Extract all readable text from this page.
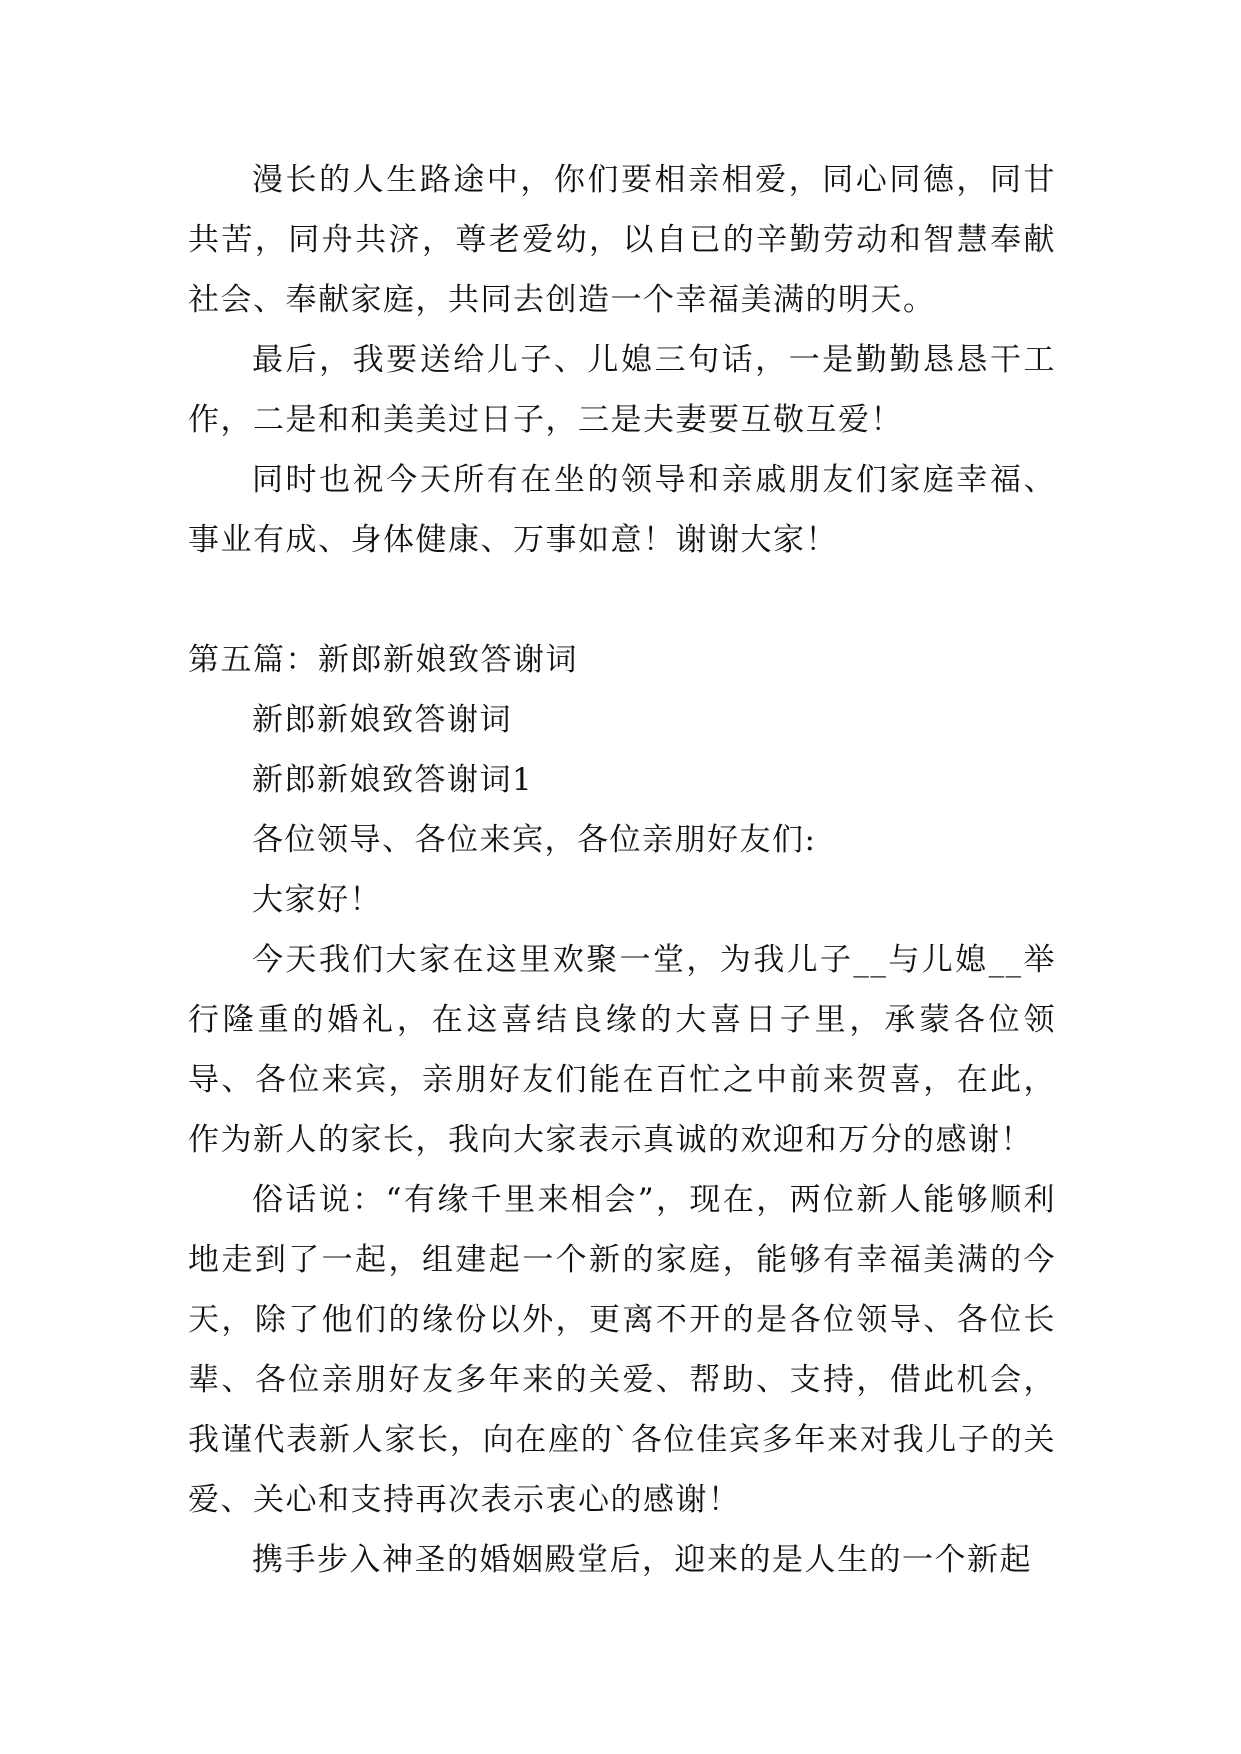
漫长的人生路途中，你们要相亲相爱，同心同德，同甘共苦，同舟共济，尊老爱幼，以自已的辛勤劳动和智慧奉献社会、奉献家庭，共同去创造一个幸福美满的明天。

最后，我要送给儿子、儿媳三句话，一是勤勤恳恳干工作，二是和和美美过日子，三是夫妻要互敬互爱！

同时也祝今天所有在坐的领导和亲戚朋友们家庭幸福、事业有成、身体健康、万事如意！谢谢大家！

第五篇：新郎新娘致答谢词

新郎新娘致答谢词

新郎新娘致答谢词1

各位领导、各位来宾，各位亲朋好友们:

大家好！

今天我们大家在这里欢聚一堂，为我儿子__与儿媳__举行隆重的婚礼，在这喜结良缘的大喜日子里，承蒙各位领导、各位来宾，亲朋好友们能在百忙之中前来贺喜，在此，作为新人的家长，我向大家表示真诚的欢迎和万分的感谢！

俗话说：“有缘千里来相会”，现在，两位新人能够顺利地走到了一起，组建起一个新的家庭，能够有幸福美满的今天，除了他们的缘份以外，更离不开的是各位领导、各位长辈、各位亲朋好友多年来的关爱、帮助、支持，借此机会，我谨代表新人家长，向在座的`各位佳宾多年来对我儿子的关爱、关心和支持再次表示衷心的感谢！

携手步入神圣的婚姻殿堂后，迎来的是人生的一个新起
